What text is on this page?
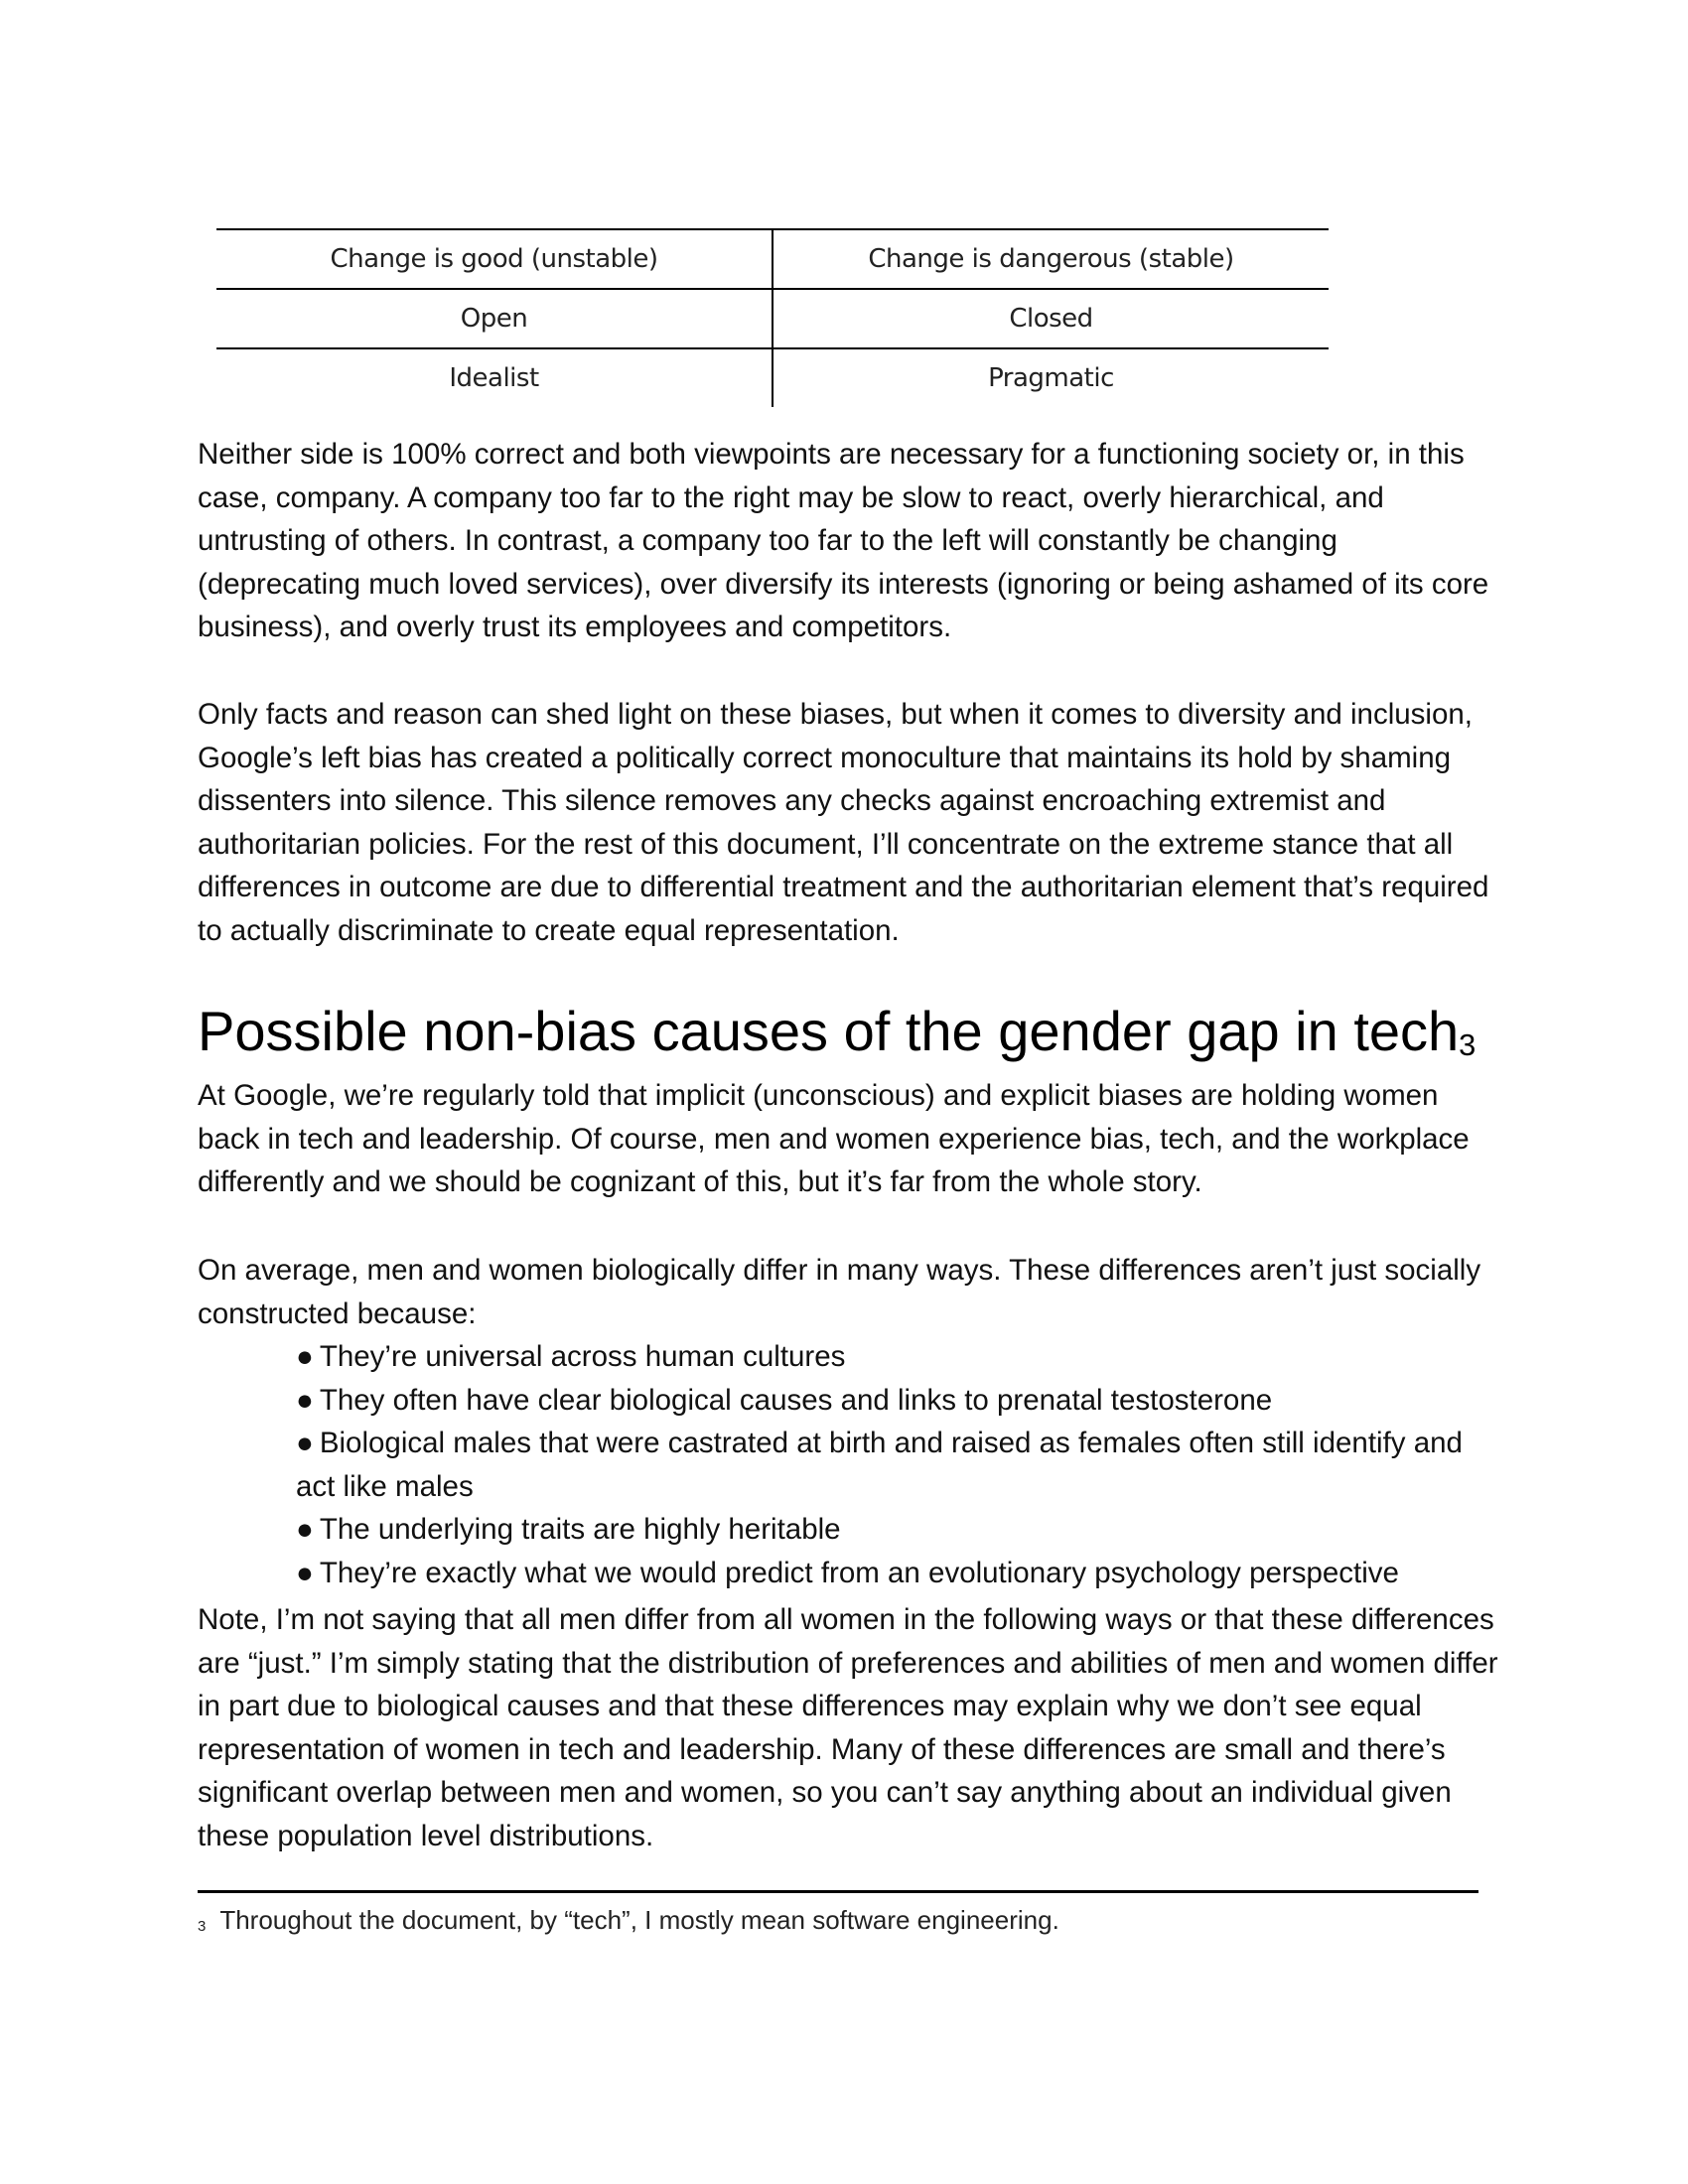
Change is good (unstable)	Change is dangerous (stable)
Open	Closed
Idealist	Pragmatic

Neither side is 100% correct and both viewpoints are necessary for a functioning society or, in this case, company. A company too far to the right may be slow to react, overly hierarchical, and untrusting of others. In contrast, a company too far to the left will constantly be changing (deprecating much loved services), over diversify its interests (ignoring or being ashamed of its core business), and overly trust its employees and competitors.

Only facts and reason can shed light on these biases, but when it comes to diversity and inclusion, Google’s left bias has created a politically correct monoculture that maintains its hold by shaming dissenters into silence. This silence removes any checks against encroaching extremist and authoritarian policies. For the rest of this document, I’ll concentrate on the extreme stance that all differences in outcome are due to differential treatment and the authoritarian element that’s required to actually discriminate to create equal representation.

Possible non-bias causes of the gender gap in tech$^3$

At Google, we’re regularly told that implicit (unconscious) and explicit biases are holding women back in tech and leadership. Of course, men and women experience bias, tech, and the workplace differently and we should be cognizant of this, but it’s far from the whole story.

On average, men and women biologically differ in many ways. These differences aren’t just socially constructed because:

● They’re universal across human cultures
● They often have clear biological causes and links to prenatal testosterone
● Biological males that were castrated at birth and raised as females often still identify and act like males
● The underlying traits are highly heritable
● They’re exactly what we would predict from an evolutionary psychology perspective

Note, I’m not saying that all men differ from all women in the following ways or that these differences are “just.” I’m simply stating that the distribution of preferences and abilities of men and women differ in part due to biological causes and that these differences may explain why we don’t see equal representation of women in tech and leadership. Many of these differences are small and there’s significant overlap between men and women, so you can’t say anything about an individual given these population level distributions.

3 Throughout the document, by “tech”, I mostly mean software engineering.
